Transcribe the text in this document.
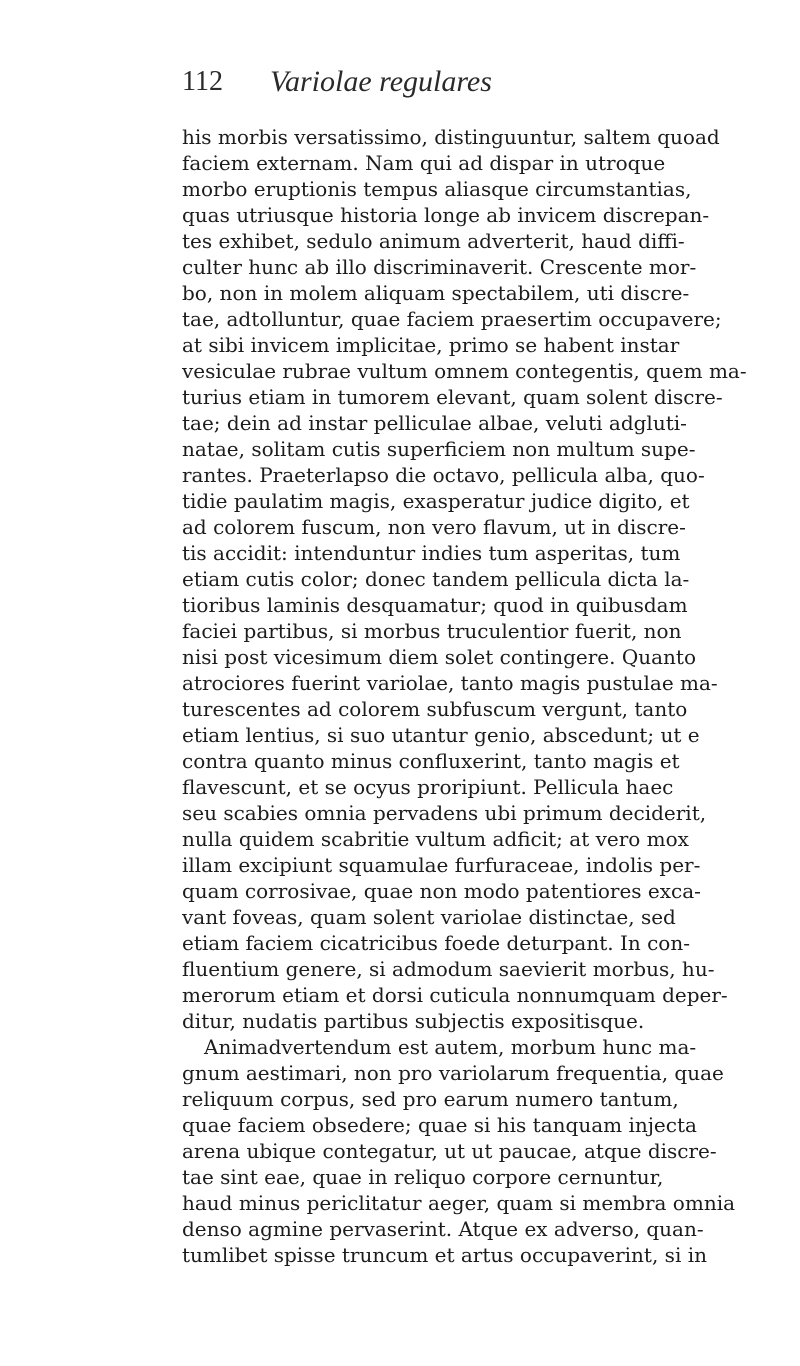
112 Variolae regulares
his morbis versatissimo, distinguuntur, saltem quoad
faciem externam. Nam qui ad dispar in utroque
morbo eruptionis tempus aliasque circumstantias,
quas utriusque historia longe ab invicem discrepan-
tes exhibet, sedulo animum adverterit, haud diffi-
culter hunc ab illo discriminaverit. Crescente mor-
bo, non in molem aliquam spectabilem, uti discre-
tae, adtolluntur, quae faciem praesertim occupavere;
at sibi invicem implicitae, primo se habent instar
vesiculae rubrae vultum omnem contegentis, quem ma-
turius etiam in tumorem elevant, quam solent discre-
tae; dein ad instar pelliculae albae, veluti adgluti-
natae, solitam cutis superficiem non multum supe-
rantes. Praeterlapso die octavo, pellicula alba, quo-
tidie paulatim magis, exasperatur judice digito, et
ad colorem fuscum, non vero flavum, ut in discre-
tis accidit: intenduntur indies tum asperitas, tum
etiam cutis color; donec tandem pellicula dicta la-
tioribus laminis desquamatur; quod in quibusdam
faciei partibus, si morbus truculentior fuerit, non
nisi post vicesimum diem solet contingere. Quanto
atrociores fuerint variolae, tanto magis pustulae ma-
turescentes ad colorem subfuscum vergunt, tanto
etiam lentius, si suo utantur genio, abscedunt; ut e
contra quanto minus confluxerint, tanto magis et
flavescunt, et se ocyus proripiunt. Pellicula haec
seu scabies omnia pervadens ubi primum deciderit,
nulla quidem scabritie vultum adficit; at vero mox
illam excipiunt squamulae furfuraceae, indolis per-
quam corrosivae, quae non modo patentiores exca-
vant foveas, quam solent variolae distinctae, sed
etiam faciem cicatricibus foede deturpant. In con-
fluentium genere, si admodum saevierit morbus, hu-
merorum etiam et dorsi cuticula nonnumquam deper-
ditur, nudatis partibus subjectis expositisque.
Animadvertendum est autem, morbum hunc ma-
gnum aestimari, non pro variolarum frequentia, quae
reliquum corpus, sed pro earum numero tantum,
quae faciem obsedere; quae si his tanquam injecta
arena ubique contegatur, ut ut paucae, atque discre-
tae sint eae, quae in reliquo corpore cernuntur,
haud minus periclitatur aeger, quam si membra omnia
denso agmine pervaserint. Atque ex adverso, quan-
tumlibet spisse truncum et artus occupaverint, si in
